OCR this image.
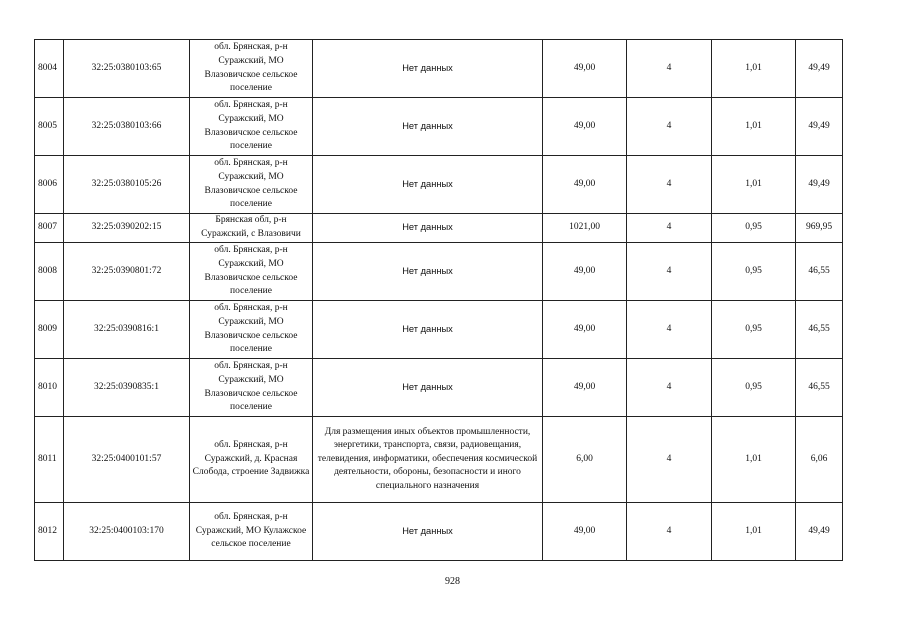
8004	32:25:0380103:65	обл. Брянская, р-н Суражский, МО Влазовичское сельское поселение	Нет данных	49,00	4	1,01	49,49
8005	32:25:0380103:66	обл. Брянская, р-н Суражский, МО Влазовичское сельское поселение	Нет данных	49,00	4	1,01	49,49
8006	32:25:0380105:26	обл. Брянская, р-н Суражский, МО Влазовичское сельское поселение	Нет данных	49,00	4	1,01	49,49
8007	32:25:0390202:15	Брянская обл, р-н Суражский, с Влазовичи	Нет данных	1021,00	4	0,95	969,95
8008	32:25:0390801:72	обл. Брянская, р-н Суражский, МО Влазовичское сельское поселение	Нет данных	49,00	4	0,95	46,55
8009	32:25:0390816:1	обл. Брянская, р-н Суражский, МО Влазовичское сельское поселение	Нет данных	49,00	4	0,95	46,55
8010	32:25:0390835:1	обл. Брянская, р-н Суражский, МО Влазовичское сельское поселение	Нет данных	49,00	4	0,95	46,55
8011	32:25:0400101:57	обл. Брянская, р-н Суражский, д. Красная Слобода, строение Задвижка	Для размещения иных объектов промышленности, энергетики, транспорта, связи, радиовещания, телевидения, информатики, обеспечения космической деятельности, обороны, безопасности и иного специального назначения	6,00	4	1,01	6,06
8012	32:25:0400103:170	обл. Брянская, р-н Суражский, МО Кулажское сельское поселение	Нет данных	49,00	4	1,01	49,49
928
